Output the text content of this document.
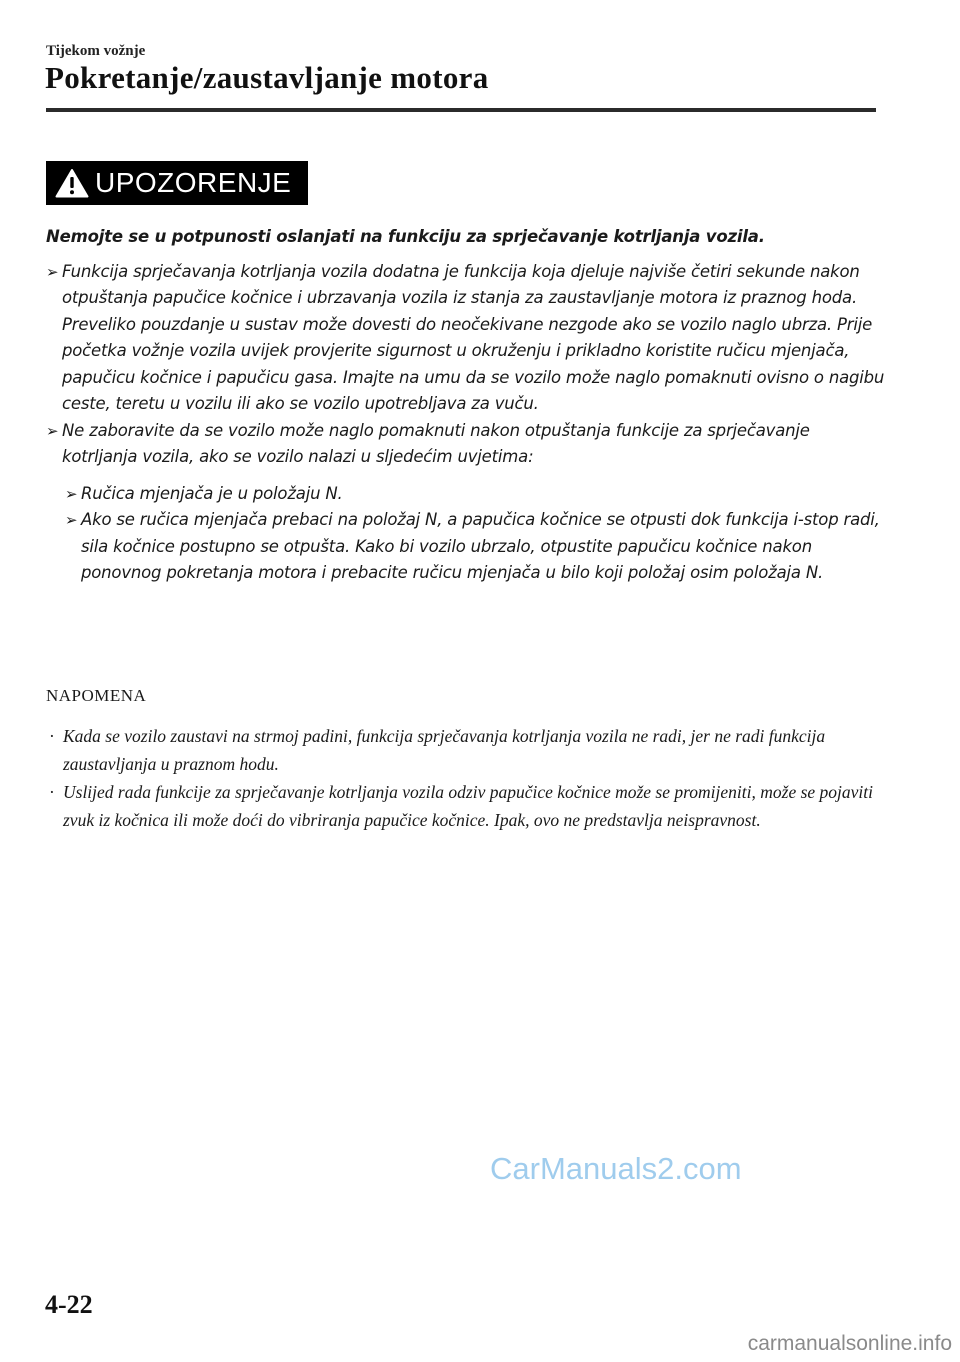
Tijekom vožnje
Pokretanje/zaustavljanje motora
UPOZORENJE

Nemojte se u potpunosti oslanjati na funkciju za sprječavanje kotrljanja vozila.

➢ Funkcija sprječavanja kotrljanja vozila dodatna je funkcija koja djeluje najviše četiri sekunde nakon otpuštanja papučice kočnice i ubrzavanja vozila iz stanja za zaustavljanje motora iz praznog hoda. Preveliko pouzdanje u sustav može dovesti do neočekivane nezgode ako se vozilo naglo ubrza. Prije početka vožnje vozila uvijek provjerite sigurnost u okruženju i prikladno koristite ručicu mjenjača, papučicu kočnice i papučicu gasa. Imajte na umu da se vozilo može naglo pomaknuti ovisno o nagibu ceste, teretu u vozilu ili ako se vozilo upotrebljava za vuču.
➢ Ne zaboravite da se vozilo može naglo pomaknuti nakon otpuštanja funkcije za sprječavanje kotrljanja vozila, ako se vozilo nalazi u sljedećim uvjetima:
➢ Ručica mjenjača je u položaju N.
➢ Ako se ručica mjenjača prebaci na položaj N, a papučica kočnice se otpusti dok funkcija i-stop radi, sila kočnice postupno se otpušta. Kako bi vozilo ubrzalo, otpustite papučicu kočnice nakon ponovnog pokretanja motora i prebacite ručicu mjenjača u bilo koji položaj osim položaja N.
NAPOMENA

· Kada se vozilo zaustavi na strmoj padini, funkcija sprječavanja kotrljanja vozila ne radi, jer ne radi funkcija zaustavljanja u praznom hodu.

· Uslijed rada funkcije za sprječavanje kotrljanja vozila odziv papučice kočnice može se promijeniti, može se pojaviti zvuk iz kočnica ili može doći do vibriranja papučice kočnice. Ipak, ovo ne predstavlja neispravnost.

CarManuals2.com
4-22
carmanualsonline.info
